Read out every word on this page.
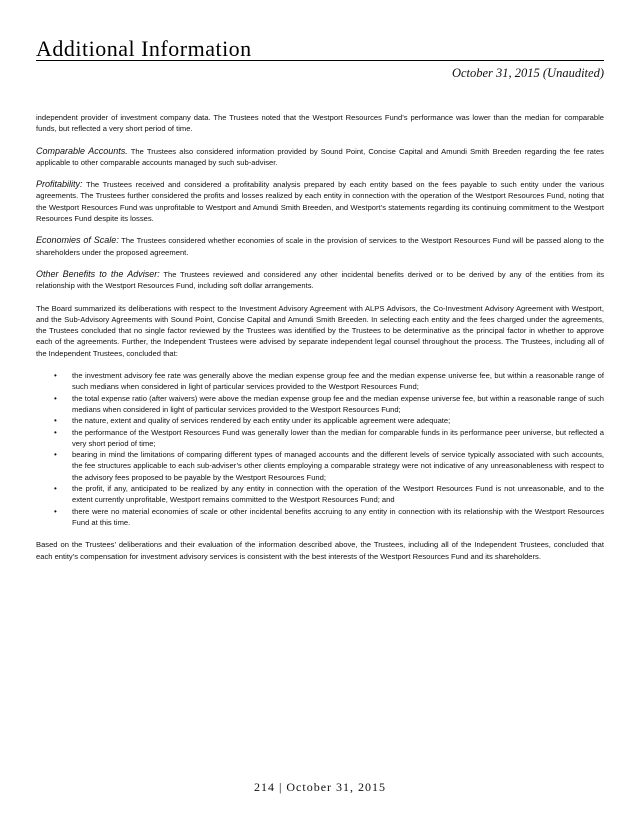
Additional Information
October 31, 2015 (Unaudited)

independent provider of investment company data. The Trustees noted that the Westport Resources Fund’s performance was lower than the median for comparable funds, but reflected a very short period of time.

Comparable Accounts. The Trustees also considered information provided by Sound Point, Concise Capital and Amundi Smith Breeden regarding the fee rates applicable to other comparable accounts managed by such sub-adviser.

Profitability: The Trustees received and considered a profitability analysis prepared by each entity based on the fees payable to such entity under the various agreements. The Trustees further considered the profits and losses realized by each entity in connection with the operation of the Westport Resources Fund, noting that the Westport Resources Fund was unprofitable to Westport and Amundi Smith Breeden, and Westport’s statements regarding its continuing commitment to the Westport Resources Fund despite its losses.

Economies of Scale: The Trustees considered whether economies of scale in the provision of services to the Westport Resources Fund will be passed along to the shareholders under the proposed agreement.

Other Benefits to the Adviser: The Trustees reviewed and considered any other incidental benefits derived or to be derived by any of the entities from its relationship with the Westport Resources Fund, including soft dollar arrangements.

The Board summarized its deliberations with respect to the Investment Advisory Agreement with ALPS Advisors, the Co-Investment Advisory Agreement with Westport, and the Sub-Advisory Agreements with Sound Point, Concise Capital and Amundi Smith Breeden. In selecting each entity and the fees charged under the agreements, the Trustees concluded that no single factor reviewed by the Trustees was identified by the Trustees to be determinative as the principal factor in whether to approve each of the agreements. Further, the Independent Trustees were advised by separate independent legal counsel throughout the process. The Trustees, including all of the Independent Trustees, concluded that:

• the investment advisory fee rate was generally above the median expense group fee and the median expense universe fee, but within a reasonable range of such medians when considered in light of particular services provided to the Westport Resources Fund;
• the total expense ratio (after waivers) were above the median expense group fee and the median expense universe fee, but within a reasonable range of such medians when considered in light of particular services provided to the Westport Resources Fund;
• the nature, extent and quality of services rendered by each entity under its applicable agreement were adequate;
• the performance of the Westport Resources Fund was generally lower than the median for comparable funds in its performance peer universe, but reflected a very short period of time;
• bearing in mind the limitations of comparing different types of managed accounts and the different levels of service typically associated with such accounts, the fee structures applicable to each sub-adviser’s other clients employing a comparable strategy were not indicative of any unreasonableness with respect to the advisory fees proposed to be payable by the Westport Resources Fund;
• the profit, if any, anticipated to be realized by any entity in connection with the operation of the Westport Resources Fund is not unreasonable, and to the extent currently unprofitable, Westport remains committed to the Westport Resources Fund; and
• there were no material economies of scale or other incidental benefits accruing to any entity in connection with its relationship with the Westport Resources Fund at this time.

Based on the Trustees’ deliberations and their evaluation of the information described above, the Trustees, including all of the Independent Trustees, concluded that each entity’s compensation for investment advisory services is consistent with the best interests of the Westport Resources Fund and its shareholders.

214 | October 31, 2015
